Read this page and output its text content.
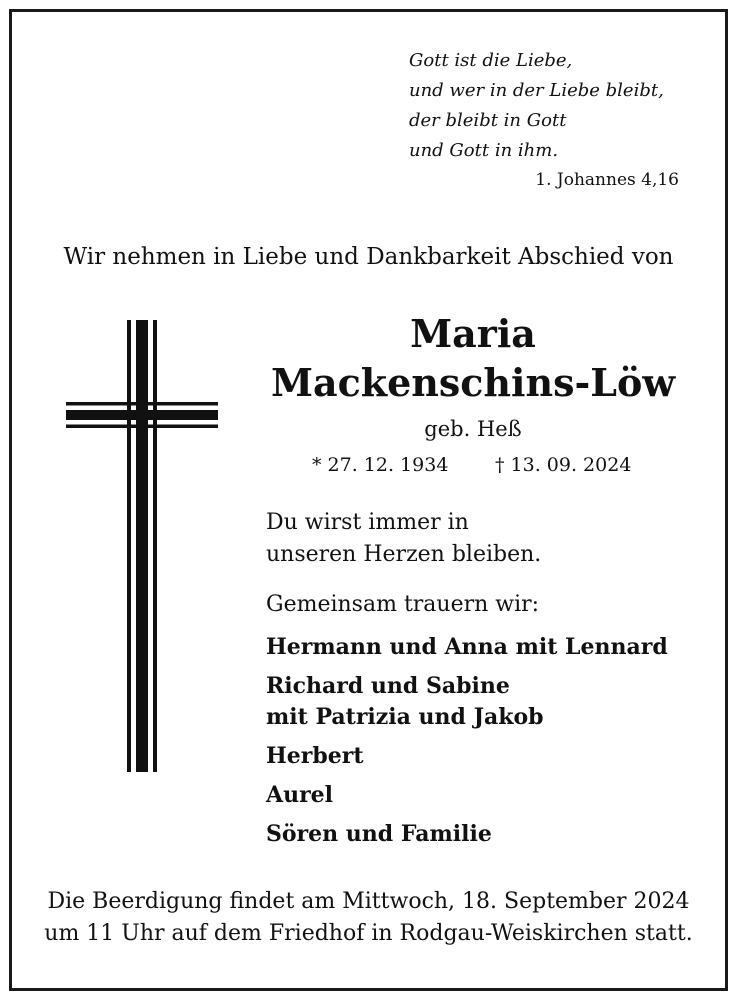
Gott ist die Liebe,
und wer in der Liebe bleibt,
der bleibt in Gott
und Gott in ihm.
1. Johannes 4,16
Wir nehmen in Liebe und Dankbarkeit Abschied von
Maria
Mackenschins-Löw
geb. Heß
* 27. 12. 1934 † 13. 09. 2024
Du wirst immer in
unseren Herzen bleiben.
Gemeinsam trauern wir:
Hermann und Anna mit Lennard
Richard und Sabine
mit Patrizia und Jakob
Herbert
Aurel
Sören und Familie
Die Beerdigung findet am Mittwoch, 18. September 2024
um 11 Uhr auf dem Friedhof in Rodgau-Weiskirchen statt.
